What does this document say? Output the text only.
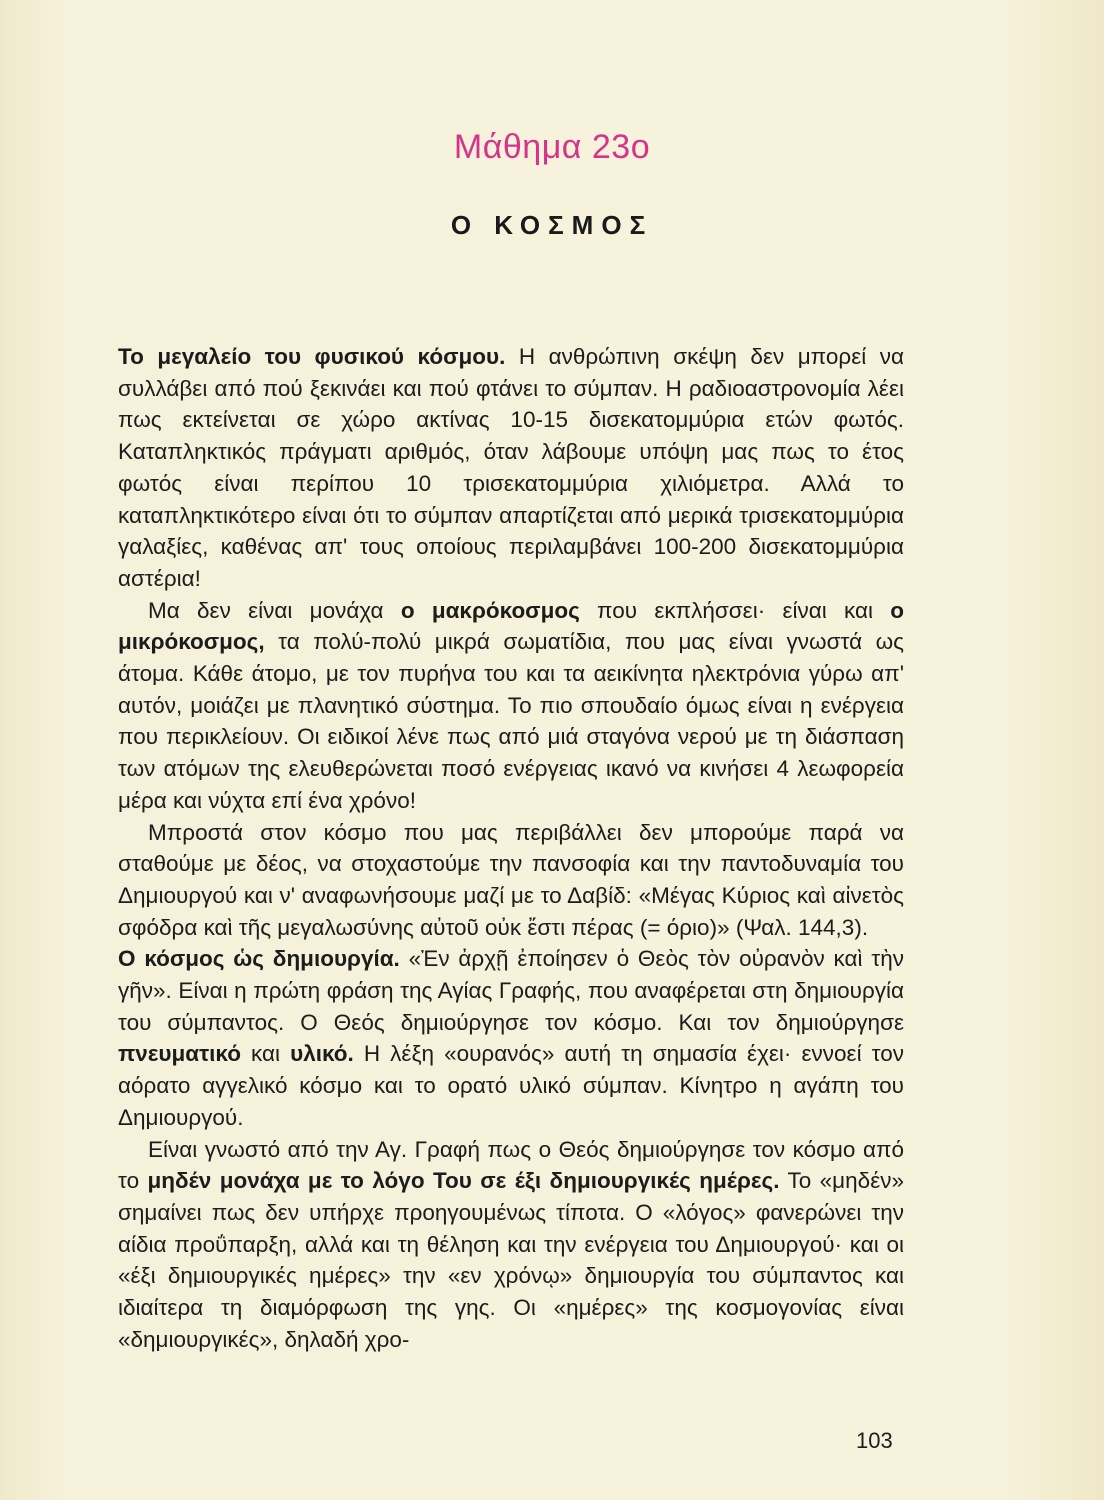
Μάθημα 23ο
Ο ΚΟΣΜΟΣ

Το μεγαλείο του φυσικού κόσμου. Η ανθρώπινη σκέψη δεν μπορεί να συλλάβει από πού ξεκινάει και πού φτάνει το σύμπαν. Η ραδιοαστρονομία λέει πως εκτείνεται σε χώρο ακτίνας 10-15 δισεκατομμύρια ετών φωτός. Καταπληκτικός πράγματι αριθμός, όταν λάβουμε υπόψη μας πως το έτος φωτός είναι περίπου 10 τρισεκατομμύρια χιλιόμετρα. Αλλά το καταπληκτικότερο είναι ότι το σύμπαν απαρτίζεται από μερικά τρισεκατομμύρια γαλαξίες, καθένας απ' τους οποίους περιλαμβάνει 100-200 δισεκατομμύρια αστέρια!

Μα δεν είναι μονάχα ο μακρόκοσμος που εκπλήσσει· είναι και ο μικρόκοσμος, τα πολύ-πολύ μικρά σωματίδια, που μας είναι γνωστά ως άτομα. Κάθε άτομο, με τον πυρήνα του και τα αεικίνητα ηλεκτρόνια γύρω απ' αυτόν, μοιάζει με πλανητικό σύστημα. Το πιο σπουδαίο όμως είναι η ενέργεια που περικλείουν. Οι ειδικοί λένε πως από μιά σταγόνα νερού με τη διάσπαση των ατόμων της ελευθερώνεται ποσό ενέργειας ικανό να κινήσει 4 λεωφορεία μέρα και νύχτα επί ένα χρόνο!

Μπροστά στον κόσμο που μας περιβάλλει δεν μπορούμε παρά να σταθούμε με δέος, να στοχαστούμε την πανσοφία και την παντοδυναμία του Δημιουργού και ν' αναφωνήσουμε μαζί με το Δαβίδ: «Μέγας Κύριος καὶ αἰνετὸς σφόδρα καὶ τῆς μεγαλωσύνης αὐτοῦ οὐκ ἔστι πέρας (= όριο)» (Ψαλ. 144,3).

Ο κόσμος ὡς δημιουργία. «Ἐν ἀρχῇ ἐποίησεν ὁ Θεὸς τὸν οὐρανὸν καὶ τὴν γῆν». Είναι η πρώτη φράση της Αγίας Γραφής, που αναφέρεται στη δημιουργία του σύμπαντος. Ο Θεός δημιούργησε τον κόσμο. Και τον δημιούργησε πνευματικό και υλικό. Η λέξη «ουρανός» αυτή τη σημασία έχει· εννοεί τον αόρατο αγγελικό κόσμο και το ορατό υλικό σύμπαν. Κίνητρο η αγάπη του Δημιουργού.

Είναι γνωστό από την Αγ. Γραφή πως ο Θεός δημιούργησε τον κόσμο από το μηδέν μονάχα με το λόγο Του σε έξι δημιουργικές ημέρες. Το «μηδέν» σημαίνει πως δεν υπήρχε προηγουμένως τίποτα. Ο «λόγος» φανερώνει την αίδια προΰπαρξη, αλλά και τη θέληση και την ενέργεια του Δημιουργού· και οι «έξι δημιουργικές ημέρες» την «εν χρόνῳ» δημιουργία του σύμπαντος και ιδιαίτερα τη διαμόρφωση της γης. Οι «ημέρες» της κοσμογονίας είναι «δημιουργικές», δηλαδή χρο-

103
